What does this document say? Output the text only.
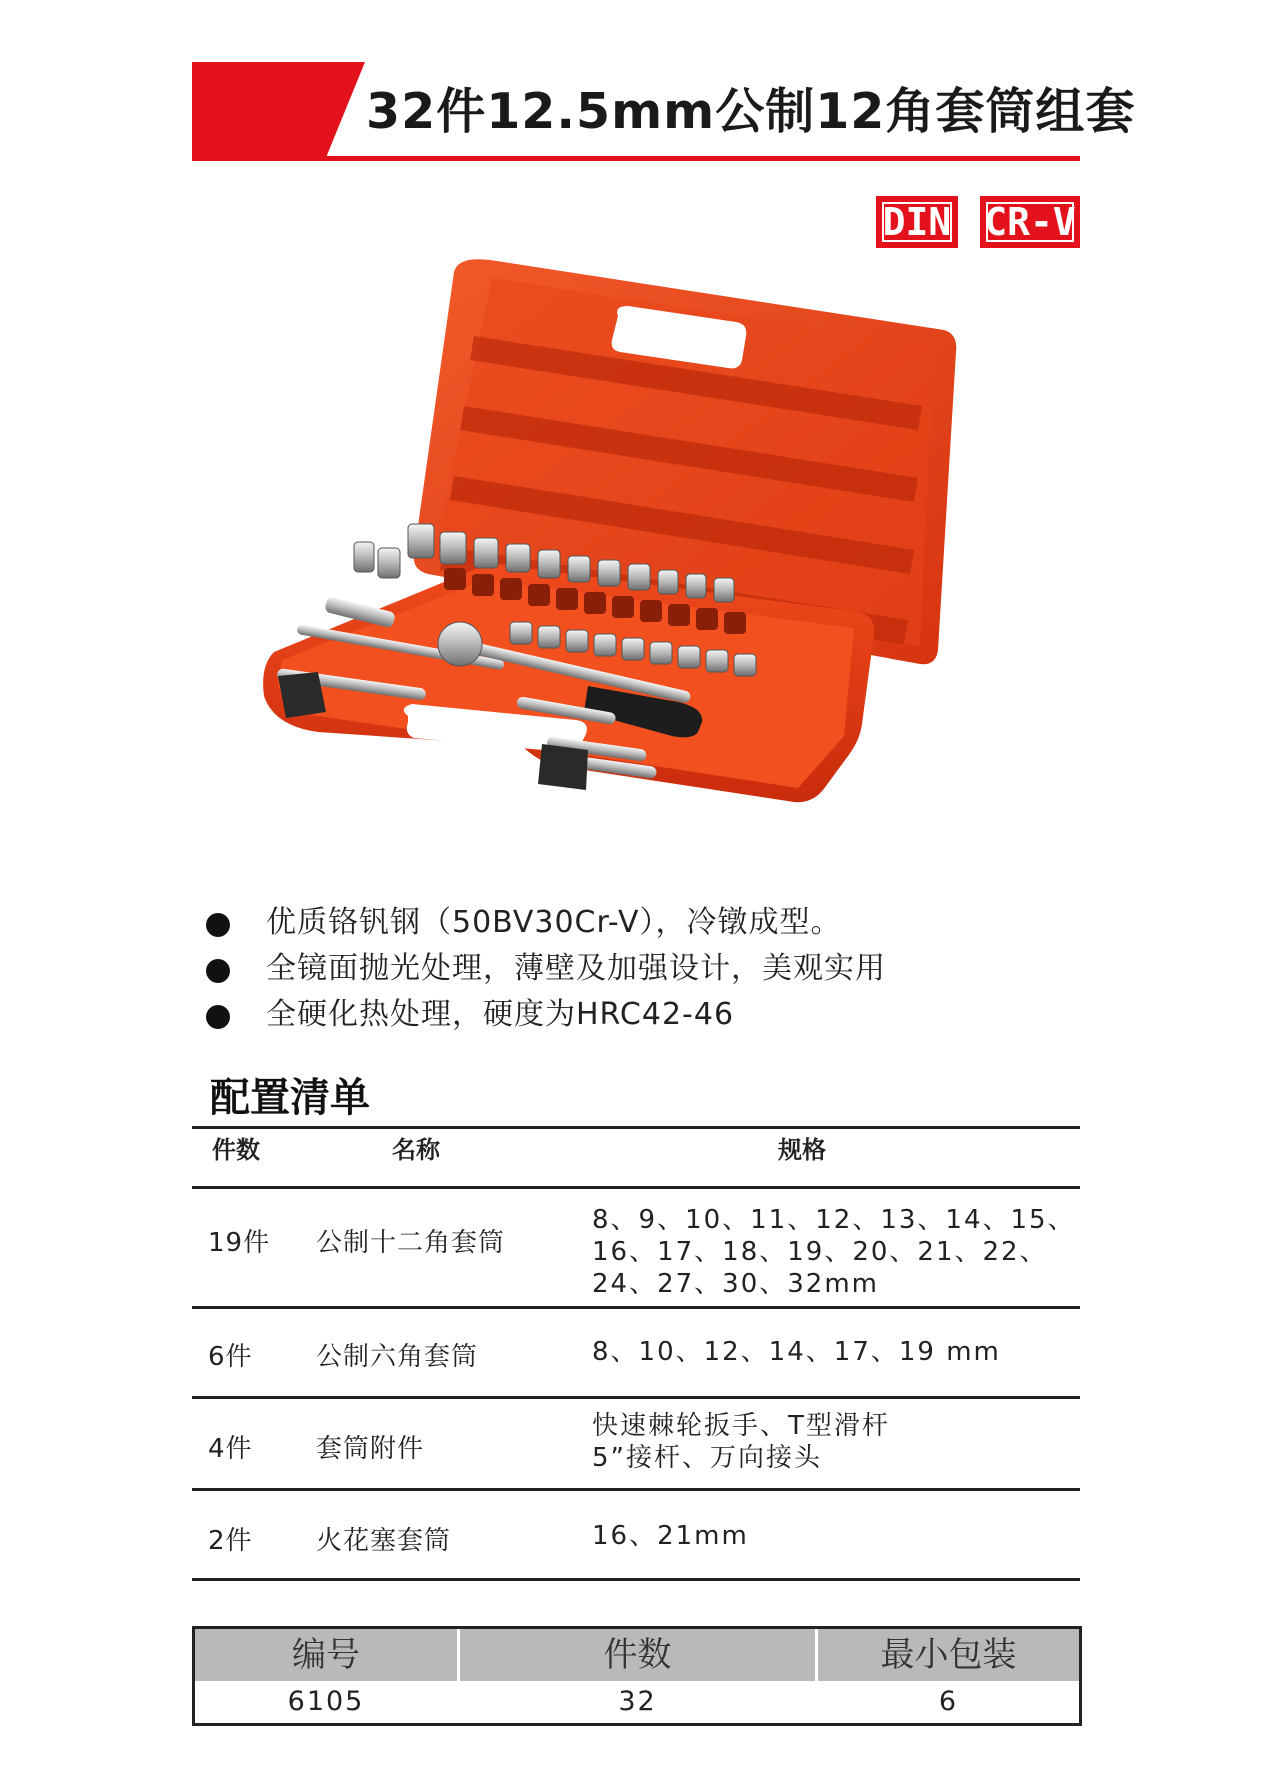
32件12.5mm公制12角套筒组套
DIN CR-V
优质铬钒钢（50BV30Cr-V），冷镦成型。
全镜面抛光处理，薄壁及加强设计，美观实用
全硬化热处理，硬度为HRC42-46
配置清单
件数	名称	规格
19件 公制十二角套筒
8、9、10、11、12、13、14、15、
16、17、18、19、20、21、22、
24、27、30、32mm
6件 公制六角套筒	8、10、12、14、17、19 mm
4件 套筒附件
快速棘轮扳手、T型滑杆
5”接杆、万向接头
2件 火花塞套筒	16、21mm
编号	件数	最小包装
6105	32	6
